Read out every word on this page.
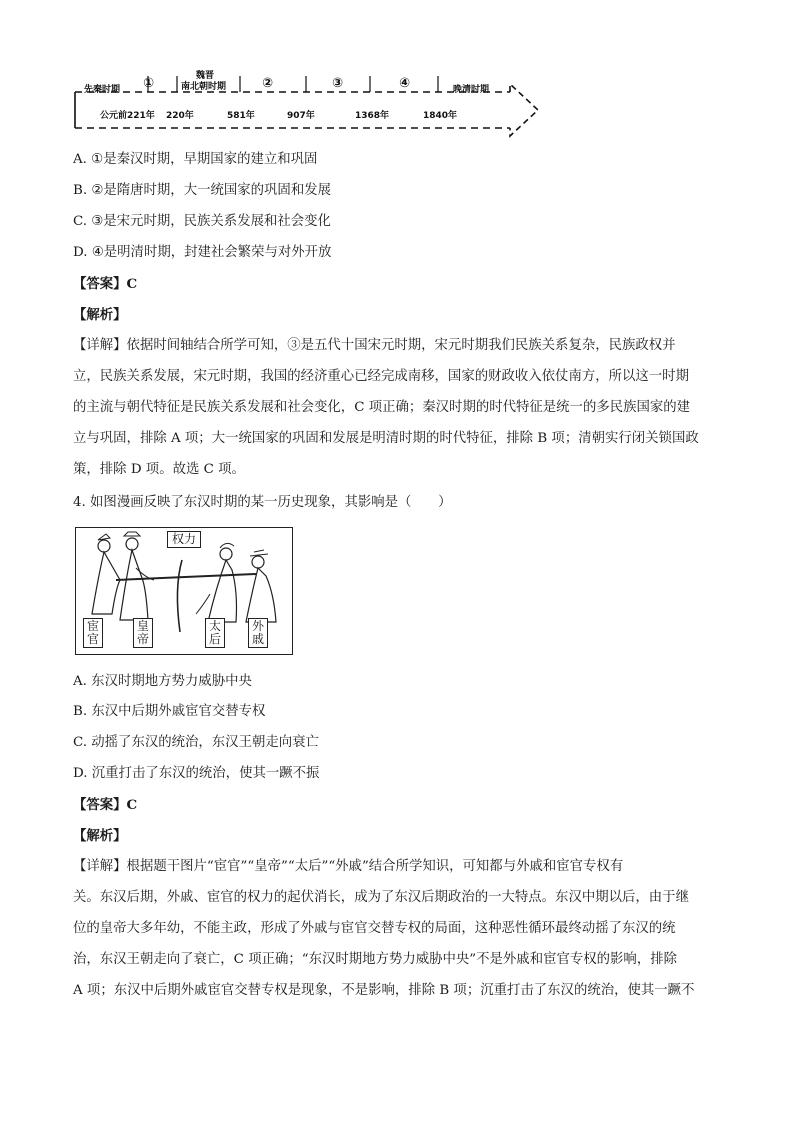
先秦时期 ①	魏晋
南北朝时期	②	③	④	晚清时期
公元前221年 220年	581年	907年	1368年	1840年
A. ①是秦汉时期，早期国家的建立和巩固
B. ②是隋唐时期，大一统国家的巩固和发展
C. ③是宋元时期，民族关系发展和社会变化
D. ④是明清时期，封建社会繁荣与对外开放
【答案】C
【解析】
【详解】依据时间轴结合所学可知，③是五代十国宋元时期，宋元时期我们民族关系复杂，民族政权并
立，民族关系发展，宋元时期，我国的经济重心已经完成南移，国家的财政收入依仗南方，所以这一时期
的主流与朝代特征是民族关系发展和社会变化，C 项正确；秦汉时期的时代特征是统一的多民族国家的建
立与巩固，排除 A 项；大一统国家的巩固和发展是明清时期的时代特征，排除 B 项；清朝实行闭关锁国政
策，排除 D 项。故选 C 项。
4. 如图漫画反映了东汉时期的某一历史现象，其影响是（　　）
权力
宦官
皇帝
太后
外戚
A. 东汉时期地方势力威胁中央
B. 东汉中后期外戚宦官交替专权
C. 动摇了东汉的统治，东汉王朝走向衰亡
D. 沉重打击了东汉的统治，使其一蹶不振
【答案】C
【解析】
【详解】根据题干图片“宦官”“皇帝”“太后”“外戚”结合所学知识，可知都与外戚和宦官专权有
关。东汉后期，外戚、宦官的权力的起伏消长，成为了东汉后期政治的一大特点。东汉中期以后，由于继
位的皇帝大多年幼，不能主政，形成了外戚与宦官交替专权的局面，这种恶性循环最终动摇了东汉的统
治，东汉王朝走向了衰亡，C 项正确；“东汉时期地方势力威胁中央”不是外戚和宦官专权的影响，排除
A 项；东汉中后期外戚宦官交替专权是现象，不是影响，排除 B 项；沉重打击了东汉的统治，使其一蹶不
